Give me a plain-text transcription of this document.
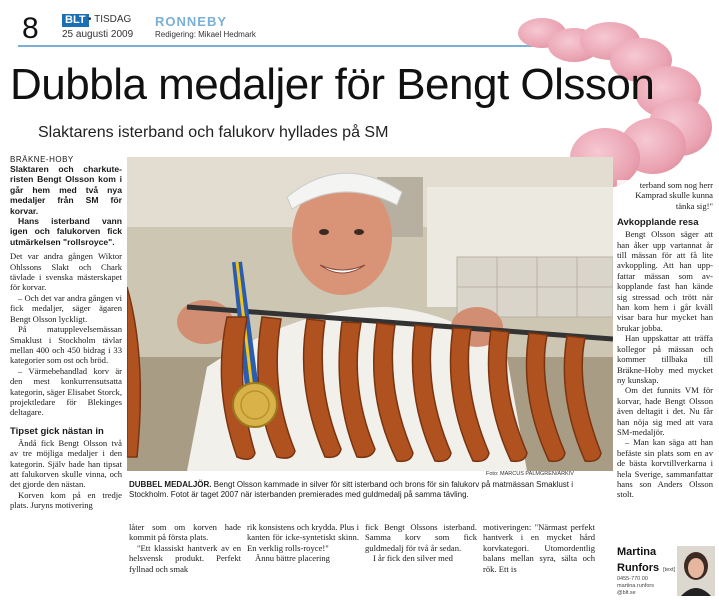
8 BLT • TISDAG
25 augusti 2009
RONNEBY
Redigering: Mikael Hedmark
Dubbla medaljer för Bengt Olsson
Slaktarens isterband och falukorv hyllades på SM
BRÄKNE-HOBY

Slaktaren och charkuteristen Bengt Olsson kom i går hem med två nya medaljer från SM för korvar.

Hans isterband vann igen och falukorven fick utmärkelsen "rollsroyce".

Det var andra gången Wiktor Ohlssons Slakt och Chark tävlade i svenska mästerskapet för korvar.

– Och det var andra gången vi fick medaljer, säger ägaren Bengt Olsson lyckligt.

På matupplevelsemässan Smaklust i Stockholm tävlar mellan 400 och 450 bidrag i 33 kategorier som ost och bröd.

– Värmebehandlad korv är den mest konkurrensutsatta kategorin, säger Elisabet Storck, projektledare för Blekinges deltagare.

Tipset gick nästan in

Ändå fick Bengt Olsson två av tre möjliga medaljer i den kategorin. Själv hade han tipsat att falukorven skulle vinna, och det gjorde den nästan.

Korven kom på en tredje plats. Juryns motivering

Foto: MARCUS PALMGREN/ARKIV
DUBBEL MEDALJÖR. Bengt Olsson kammade in silver för sitt isterband och brons för sin falukorv på matmässan Smaklust i Stockholm. Fotot är taget 2007 när isterbanden premierades med guldmedalj på samma tävling.

låter som om korven hade kommit på första plats.

"Ett klassiskt hantverk av en helsvensk produkt. Perfekt fyllnad och smak

rik konsistens och krydda. Plus i kanten för icke-syntetiskt skinn. En verklig rolls-royce!"

Ännu bättre placering

fick Bengt Olssons isterband. Samma korv som fick guldmedalj för två år sedan.

I år fick den silver med

motiveringen: "Närmast perfekt hantverk i en mycket hård korvkategori. Utomordentlig balans mellan syra, sälta och rök. Ett is

terband som nog herr Kamprad skulle kunna tänka sig!"

Avkopplande resa

Bengt Olsson säger att han åker upp vartannat år till mässan för att få lite avkoppling. Att han uppfattar mässan som avkopplande fast han kände sig stressad och trött när han kom hem i går kväll visar bara hur mycket han brukar jobba.

Han uppskattar att träffa kollegor på mässan och kommer tillbaka till Bräkne-Hoby med mycket ny kunskap.

Om det funnits VM för korvar, hade Bengt Olsson även deltagit i det. Nu får han nöja sig med att vara SM-medaljör.

– Man kan säga att han befäste sin plats som en av de bästa korvtillverkarna i hela Sverige, sammanfattar hans son Anders Olsson stolt.

Martina
Runfors [text]
0455-770 00
martina.runfors
@blt.se
